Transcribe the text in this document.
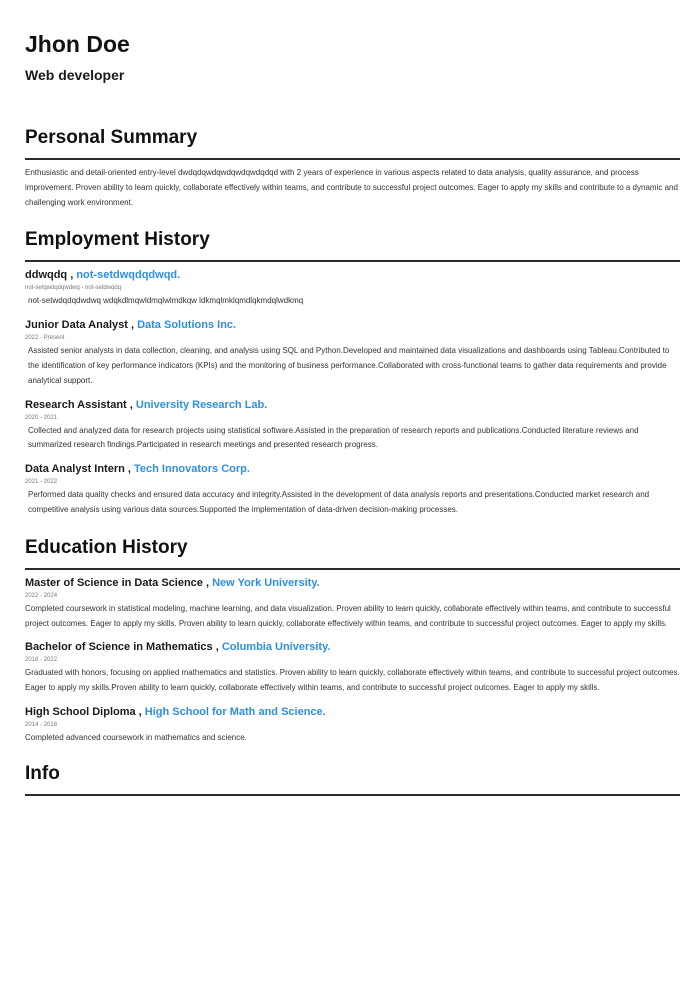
Jhon Doe
Web developer
Personal Summary

Enthusiastic and detail-oriented entry-level dwdqdqwdqwdqwdqwdqdqd with 2 years of experience in various aspects related to data analysis, quality assurance, and process improvement. Proven ability to learn quickly, collaborate effectively within teams, and contribute to successful project outcomes. Eager to apply my skills and contribute to a dynamic and challenging work environment.

Employment History
ddwqdq , not-setdwqdqdwqd.
not-setqwdqdqwdwq - not-setdwqdq

not-setwdqdqdwdwq wdqkdlmqwldmqlwlmdkqw ldkmqlmklqmdlqkmdqlwdkmq

Junior Data Analyst , Data Solutions Inc.
2022 - Present

Assisted senior analysts in data collection, cleaning, and analysis using SQL and Python.Developed and maintained data visualizations and dashboards using Tableau.Contributed to the identification of key performance indicators (KPIs) and the monitoring of business performance.Collaborated with cross-functional teams to gather data requirements and provide analytical support.

Research Assistant , University Research Lab.
2020 - 2021

Collected and analyzed data for research projects using statistical software.Assisted in the preparation of research reports and publications.Conducted literature reviews and summarized research findings.Participated in research meetings and presented research progress.

Data Analyst Intern , Tech Innovators Corp.
2021 - 2022

Performed data quality checks and ensured data accuracy and integrity.Assisted in the development of data analysis reports and presentations.Conducted market research and competitive analysis using various data sources.Supported the implementation of data-driven decision-making processes.

Education History
Master of Science in Data Science , New York University.
2022 - 2024

Completed coursework in statistical modeling, machine learning, and data visualization. Proven ability to learn quickly, collaborate effectively within teams, and contribute to successful project outcomes. Eager to apply my skills. Proven ability to learn quickly, collaborate effectively within teams, and contribute to successful project outcomes. Eager to apply my skills.

Bachelor of Science in Mathematics , Columbia University.
2018 - 2022

Graduated with honors, focusing on applied mathematics and statistics. Proven ability to learn quickly, collaborate effectively within teams, and contribute to successful project outcomes. Eager to apply my skills.Proven ability to learn quickly, collaborate effectively within teams, and contribute to successful project outcomes. Eager to apply my skills.

High School Diploma , High School for Math and Science.
2014 - 2018

Completed advanced coursework in mathematics and science.

Info
